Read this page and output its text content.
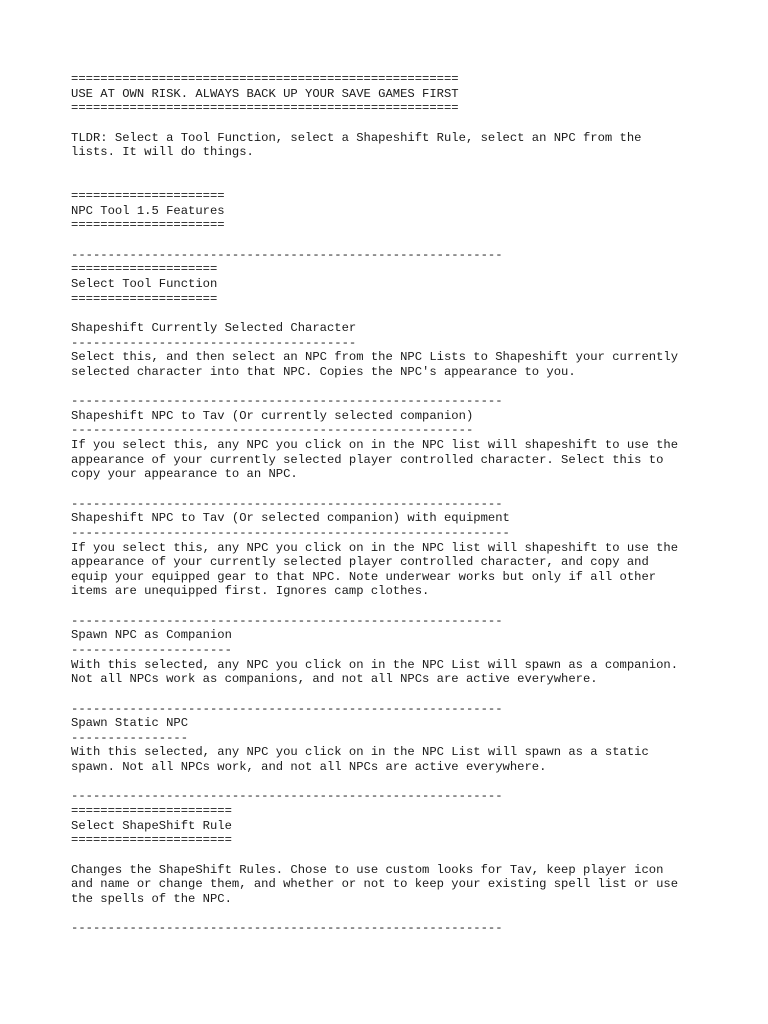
=====================================================
USE AT OWN RISK. ALWAYS BACK UP YOUR SAVE GAMES FIRST
=====================================================
TLDR: Select a Tool Function, select a Shapeshift Rule, select an NPC from the
lists. It will do things.
=====================
NPC Tool 1.5 Features
=====================
-----------------------------------------------------------
====================
Select Tool Function
====================
Shapeshift Currently Selected Character
---------------------------------------
Select this, and then select an NPC from the NPC Lists to Shapeshift your currently
selected character into that NPC. Copies the NPC's appearance to you.
-----------------------------------------------------------
Shapeshift NPC to Tav (Or currently selected companion)
-------------------------------------------------------
If you select this, any NPC you click on in the NPC list will shapeshift to use the
appearance of your currently selected player controlled character. Select this to
copy your appearance to an NPC.
-----------------------------------------------------------
Shapeshift NPC to Tav (Or selected companion) with equipment
------------------------------------------------------------
If you select this, any NPC you click on in the NPC list will shapeshift to use the
appearance of your currently selected player controlled character, and copy and
equip your equipped gear to that NPC. Note underwear works but only if all other
items are unequipped first. Ignores camp clothes.
-----------------------------------------------------------
Spawn NPC as Companion
----------------------
With this selected, any NPC you click on in the NPC List will spawn as a companion.
Not all NPCs work as companions, and not all NPCs are active everywhere.
-----------------------------------------------------------
Spawn Static NPC
----------------
With this selected, any NPC you click on in the NPC List will spawn as a static
spawn. Not all NPCs work, and not all NPCs are active everywhere.
-----------------------------------------------------------
======================
Select ShapeShift Rule
======================
Changes the ShapeShift Rules. Chose to use custom looks for Tav, keep player icon
and name or change them, and whether or not to keep your existing spell list or use
the spells of the NPC.
-----------------------------------------------------------
